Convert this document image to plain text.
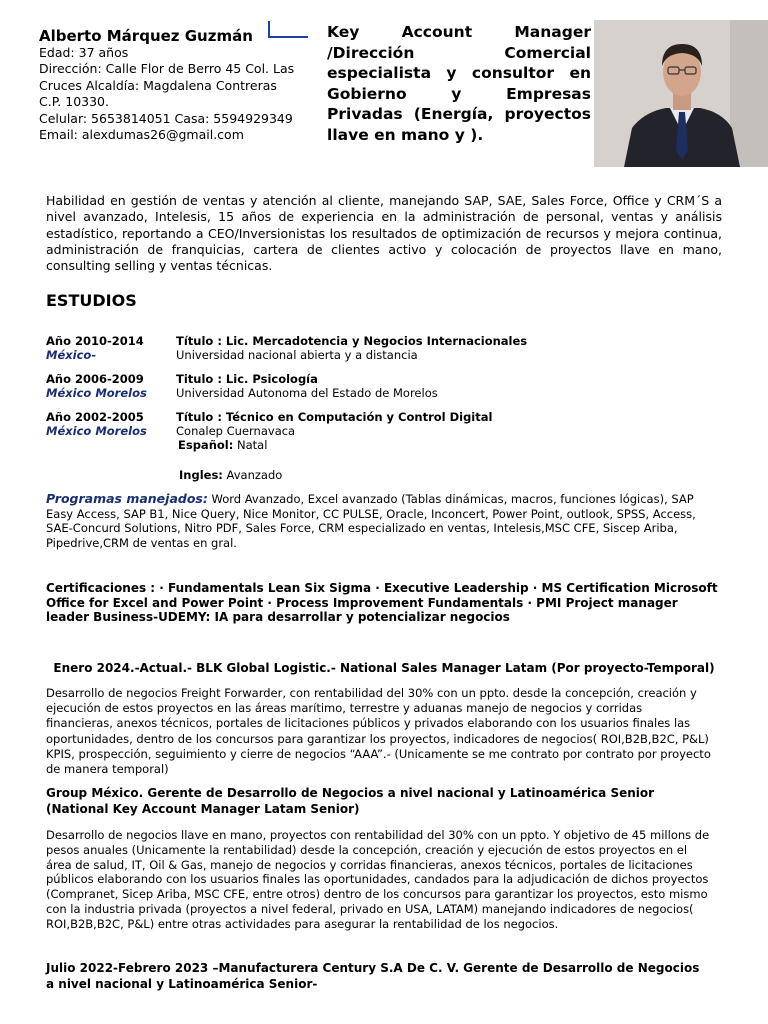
Alberto Márquez Guzmán
Edad: 37 años
Dirección: Calle Flor de Berro 45 Col. Las
Cruces Alcaldía: Magdalena Contreras
C.P. 10330.
Celular: 5653814051 Casa: 5594929349
Email: alexdumas26@gmail.com
Key Account Manager /Dirección Comercial especialista y consultor en Gobierno y Empresas Privadas (Energía, proyectos llave en mano y ).
Habilidad en gestión de ventas y atención al cliente, manejando SAP, SAE, Sales Force, Office y CRM´S a nivel avanzado, Intelesis, 15 años de experiencia en la administración de personal, ventas y análisis estadístico, reportando a CEO/Inversionistas los resultados de optimización de recursos y mejora continua, administración de franquicias, cartera de clientes activo y colocación de proyectos llave en mano, consulting selling y ventas técnicas.
ESTUDIOS
Año 2010-2014
México-
Título : Lic. Mercadotencia y Negocios Internacionales
Universidad nacional abierta y a distancia
Año 2006-2009
México Morelos
Titulo : Lic. Psicología
Universidad Autonoma del Estado de Morelos
Año 2002-2005
México Morelos
Título : Técnico en Computación y Control Digital
Conalep Cuernavaca
Español: Natal
Ingles: Avanzado
Programas manejados: Word Avanzado, Excel avanzado (Tablas dinámicas, macros, funciones lógicas), SAP Easy Access, SAP B1, Nice Query, Nice Monitor, CC PULSE, Oracle, Inconcert, Power Point, outlook, SPSS, Access, SAE-Concurd Solutions, Nitro PDF, Sales Force, CRM especializado en ventas, Intelesis,MSC CFE, Siscep Ariba, Pipedrive,CRM de ventas en gral.
Certificaciones : · Fundamentals Lean Six Sigma · Executive Leadership · MS Certification Microsoft Office for Excel and Power Point · Process Improvement Fundamentals · PMI Project manager leader Business-UDEMY: IA para desarrollar y potencializar negocios
Enero 2024.-Actual.- BLK Global Logistic.- National Sales Manager Latam (Por proyecto-Temporal)
Desarrollo de negocios Freight Forwarder, con rentabilidad del 30% con un ppto. desde la concepción, creación y ejecución de estos proyectos en las áreas marítimo, terrestre y aduanas manejo de negocios y corridas financieras, anexos técnicos, portales de licitaciones públicos y privados elaborando con los usuarios finales las oportunidades, dentro de los concursos para garantizar los proyectos, indicadores de negocios( ROI,B2B,B2C, P&L) KPIS, prospección, seguimiento y cierre de negocios “AAA”.- (Unicamente se me contrato por contrato por proyecto de manera temporal)
Group México. Gerente de Desarrollo de Negocios a nivel nacional y Latinoamérica Senior (National Key Account Manager Latam Senior)
Desarrollo de negocios llave en mano, proyectos con rentabilidad del 30% con un ppto. Y objetivo de 45 millons de pesos anuales (Unicamente la rentabilidad) desde la concepción, creación y ejecución de estos proyectos en el área de salud, IT, Oil & Gas, manejo de negocios y corridas financieras, anexos técnicos, portales de licitaciones públicos elaborando con los usuarios finales las oportunidades, candados para la adjudicación de dichos proyectos (Compranet, Sicep Ariba, MSC CFE, entre otros) dentro de los concursos para garantizar los proyectos, esto mismo con la industria privada (proyectos a nivel federal, privado en USA, LATAM) manejando indicadores de negocios( ROI,B2B,B2C, P&L) entre otras actividades para asegurar la rentabilidad de los negocios.
Julio 2022-Febrero 2023 –Manufacturera Century S.A De C. V. Gerente de Desarrollo de Negocios a nivel nacional y Latinoamérica Senior-
